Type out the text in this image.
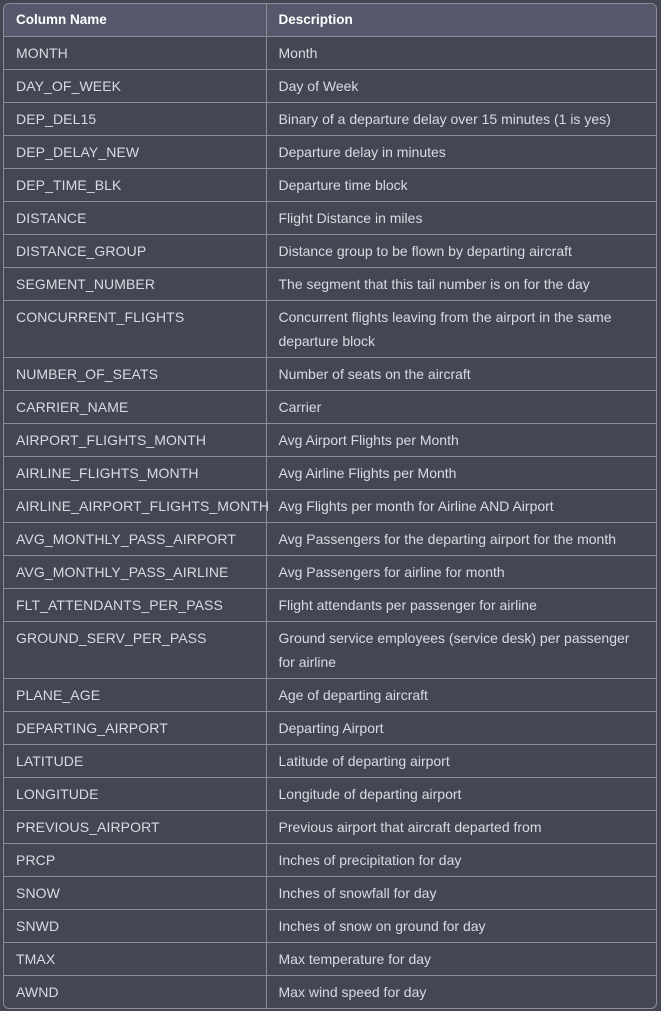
Column Name	Description
MONTH	Month
DAY_OF_WEEK	Day of Week
DEP_DEL15	Binary of a departure delay over 15 minutes (1 is yes)
DEP_DELAY_NEW	Departure delay in minutes
DEP_TIME_BLK	Departure time block
DISTANCE	Flight Distance in miles
DISTANCE_GROUP	Distance group to be flown by departing aircraft
SEGMENT_NUMBER	The segment that this tail number is on for the day
CONCURRENT_FLIGHTS	Concurrent flights leaving from the airport in the same departure block
NUMBER_OF_SEATS	Number of seats on the aircraft
CARRIER_NAME	Carrier
AIRPORT_FLIGHTS_MONTH	Avg Airport Flights per Month
AIRLINE_FLIGHTS_MONTH	Avg Airline Flights per Month
AIRLINE_AIRPORT_FLIGHTS_MONTH	Avg Flights per month for Airline AND Airport
AVG_MONTHLY_PASS_AIRPORT	Avg Passengers for the departing airport for the month
AVG_MONTHLY_PASS_AIRLINE	Avg Passengers for airline for month
FLT_ATTENDANTS_PER_PASS	Flight attendants per passenger for airline
GROUND_SERV_PER_PASS	Ground service employees (service desk) per passenger for airline
PLANE_AGE	Age of departing aircraft
DEPARTING_AIRPORT	Departing Airport
LATITUDE	Latitude of departing airport
LONGITUDE	Longitude of departing airport
PREVIOUS_AIRPORT	Previous airport that aircraft departed from
PRCP	Inches of precipitation for day
SNOW	Inches of snowfall for day
SNWD	Inches of snow on ground for day
TMAX	Max temperature for day
AWND	Max wind speed for day
